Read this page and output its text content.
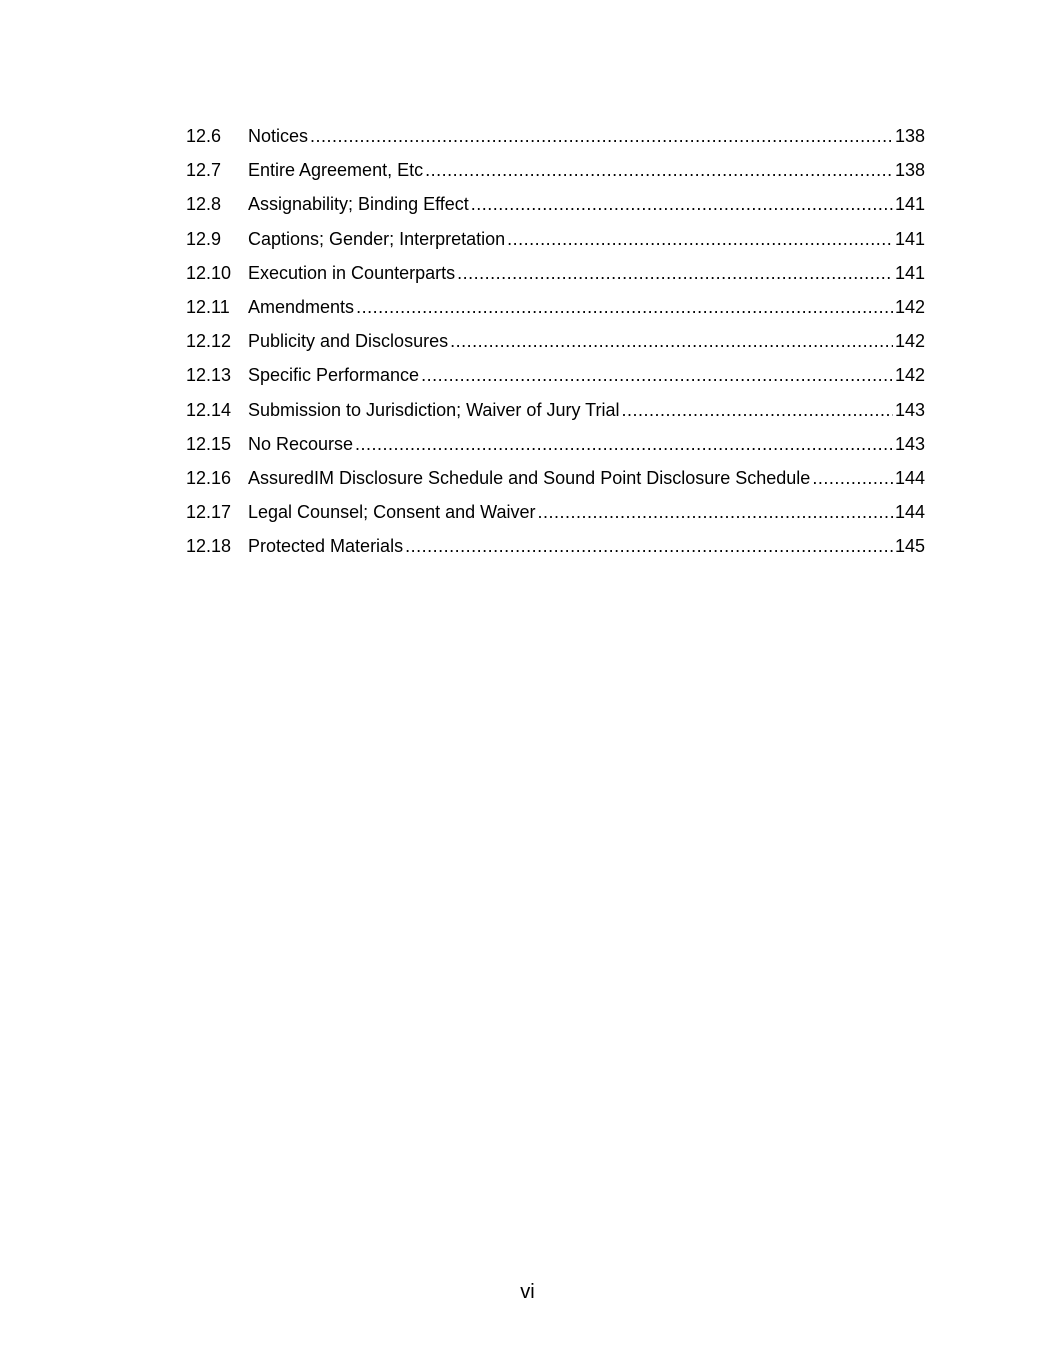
12.6	Notices .....	138
12.7	Entire Agreement, Etc .....	138
12.8	Assignability; Binding Effect .....	141
12.9	Captions; Gender; Interpretation .....	141
12.10 Execution in Counterparts .....	141
12.11	Amendments .....	142
12.12 Publicity and Disclosures .....	142
12.13 Specific Performance .....	142
12.14 Submission to Jurisdiction; Waiver of Jury Trial .....	143
12.15 No Recourse .....	143
12.16 AssuredIM Disclosure Schedule and Sound Point Disclosure Schedule .....	144
12.17 Legal Counsel; Consent and Waiver .....	144
12.18 Protected Materials .....	145
vi
